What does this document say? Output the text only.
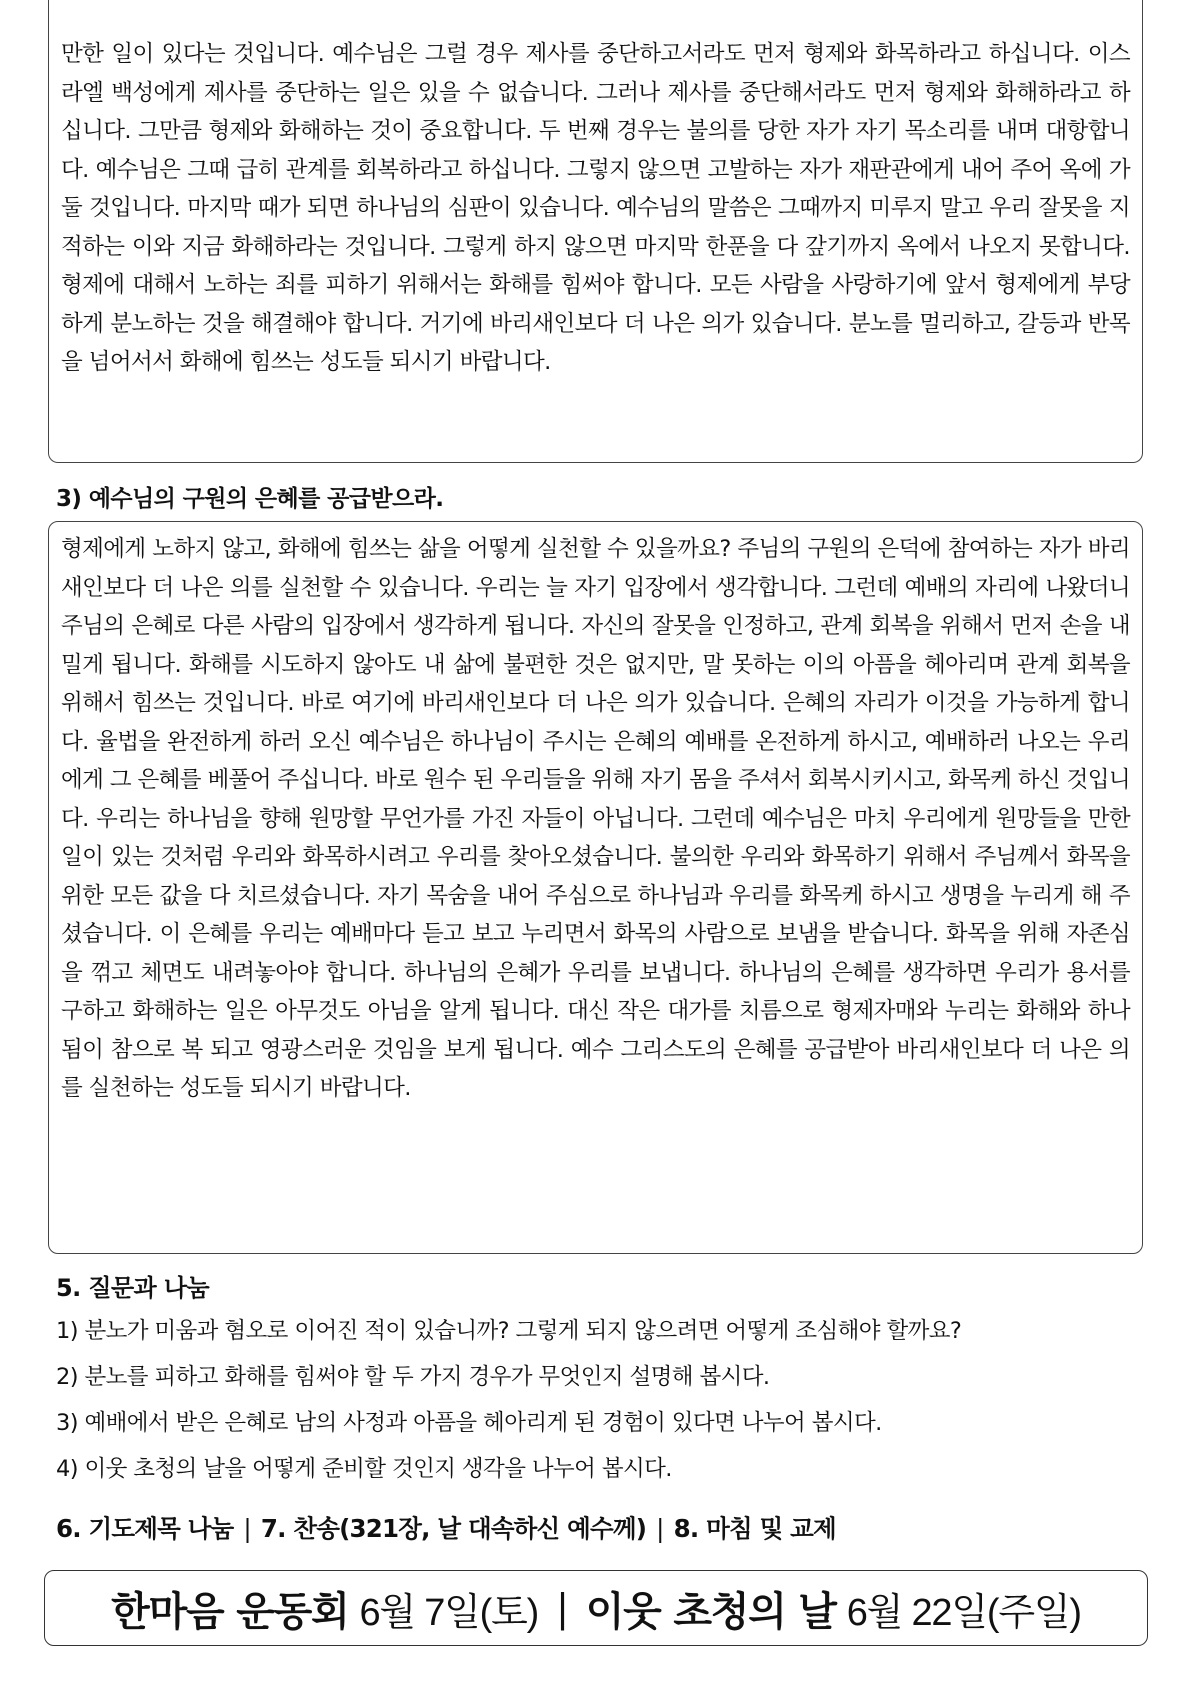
만한 일이 있다는 것입니다. 예수님은 그럴 경우 제사를 중단하고서라도 먼저 형제와 화목하라고 하십니다. 이스라엘 백성에게 제사를 중단하는 일은 있을 수 없습니다. 그러나 제사를 중단해서라도 먼저 형제와 화해하라고 하십니다. 그만큼 형제와 화해하는 것이 중요합니다. 두 번째 경우는 불의를 당한 자가 자기 목소리를 내며 대항합니다. 예수님은 그때 급히 관계를 회복하라고 하십니다. 그렇지 않으면 고발하는 자가 재판관에게 내어 주어 옥에 가둘 것입니다. 마지막 때가 되면 하나님의 심판이 있습니다. 예수님의 말씀은 그때까지 미루지 말고 우리 잘못을 지적하는 이와 지금 화해하라는 것입니다. 그렇게 하지 않으면 마지막 한푼을 다 갚기까지 옥에서 나오지 못합니다. 형제에 대해서 노하는 죄를 피하기 위해서는 화해를 힘써야 합니다. 모든 사람을 사랑하기에 앞서 형제에게 부당하게 분노하는 것을 해결해야 합니다. 거기에 바리새인보다 더 나은 의가 있습니다. 분노를 멀리하고, 갈등과 반목을 넘어서서 화해에 힘쓰는 성도들 되시기 바랍니다.

3) 예수님의 구원의 은혜를 공급받으라.

형제에게 노하지 않고, 화해에 힘쓰는 삶을 어떻게 실천할 수 있을까요? 주님의 구원의 은덕에 참여하는 자가 바리새인보다 더 나은 의를 실천할 수 있습니다. 우리는 늘 자기 입장에서 생각합니다. 그런데 예배의 자리에 나왔더니 주님의 은혜로 다른 사람의 입장에서 생각하게 됩니다. 자신의 잘못을 인정하고, 관계 회복을 위해서 먼저 손을 내밀게 됩니다. 화해를 시도하지 않아도 내 삶에 불편한 것은 없지만, 말 못하는 이의 아픔을 헤아리며 관계 회복을 위해서 힘쓰는 것입니다. 바로 여기에 바리새인보다 더 나은 의가 있습니다. 은혜의 자리가 이것을 가능하게 합니다. 율법을 완전하게 하러 오신 예수님은 하나님이 주시는 은혜의 예배를 온전하게 하시고, 예배하러 나오는 우리에게 그 은혜를 베풀어 주십니다. 바로 원수 된 우리들을 위해 자기 몸을 주셔서 회복시키시고, 화목케 하신 것입니다. 우리는 하나님을 향해 원망할 무언가를 가진 자들이 아닙니다. 그런데 예수님은 마치 우리에게 원망들을 만한 일이 있는 것처럼 우리와 화목하시려고 우리를 찾아오셨습니다. 불의한 우리와 화목하기 위해서 주님께서 화목을 위한 모든 값을 다 치르셨습니다. 자기 목숨을 내어 주심으로 하나님과 우리를 화목케 하시고 생명을 누리게 해 주셨습니다. 이 은혜를 우리는 예배마다 듣고 보고 누리면서 화목의 사람으로 보냄을 받습니다. 화목을 위해 자존심을 꺾고 체면도 내려놓아야 합니다. 하나님의 은혜가 우리를 보냅니다. 하나님의 은혜를 생각하면 우리가 용서를 구하고 화해하는 일은 아무것도 아님을 알게 됩니다. 대신 작은 대가를 치름으로 형제자매와 누리는 화해와 하나 됨이 참으로 복 되고 영광스러운 것임을 보게 됩니다. 예수 그리스도의 은혜를 공급받아 바리새인보다 더 나은 의를 실천하는 성도들 되시기 바랍니다.

5. 질문과 나눔
1) 분노가 미움과 혐오로 이어진 적이 있습니까? 그렇게 되지 않으려면 어떻게 조심해야 할까요?
2) 분노를 피하고 화해를 힘써야 할 두 가지 경우가 무엇인지 설명해 봅시다.
3) 예배에서 받은 은혜로 남의 사정과 아픔을 헤아리게 된 경험이 있다면 나누어 봅시다.
4) 이웃 초청의 날을 어떻게 준비할 것인지 생각을 나누어 봅시다.
6. 기도제목 나눔 | 7. 찬송(321장, 날 대속하신 예수께) | 8. 마침 및 교제
한마음 운동회
6월 7일(토) | 이웃 초청의 날
6월 22일(주일)
